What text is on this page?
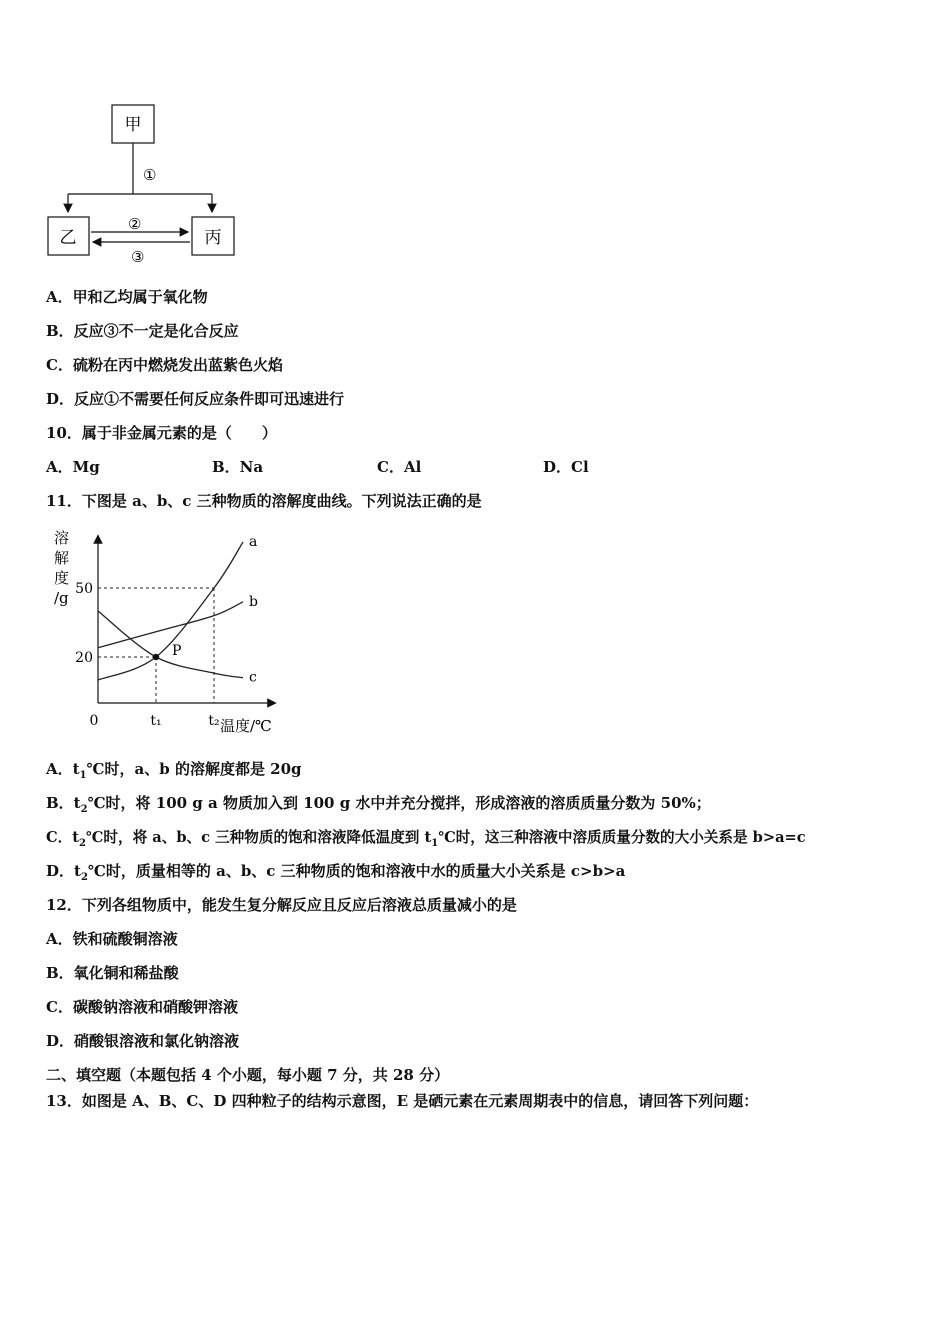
甲
①
乙	丙
②
③
A．甲和乙均属于氧化物
B．反应③不一定是化合反应
C．硫粉在丙中燃烧发出蓝紫色火焰
D．反应①不需要任何反应条件即可迅速进行
10．属于非金属元素的是（　　）
A．Mg	B．Na	C．Al	D．Cl
11．下图是 a、b、c 三种物质的溶解度曲线。下列说法正确的是
溶
解
度
/g
a
b
c
20
50
t₁	t₂
P
0	温度/℃
A．$t_1℃$时，a、b 的溶解度都是 20g
B．$t_2℃$时，将 100 g a 物质加入到 100 g 水中并充分搅拌，形成溶液的溶质质量分数为 50%；
C．$t_2℃$时，将 a、b、c 三种物质的饱和溶液降低温度到 $t_1℃$时，这三种溶液中溶质质量分数的大小关系是 b>a=c
D．$t_2℃$时，质量相等的 a、b、c 三种物质的饱和溶液中水的质量大小关系是 c>b>a
12．下列各组物质中，能发生复分解反应且反应后溶液总质量减小的是
A．铁和硫酸铜溶液
B．氧化铜和稀盐酸
C．碳酸钠溶液和硝酸钾溶液
D．硝酸银溶液和氯化钠溶液
二、填空题（本题包括 4 个小题，每小题 7 分，共 28 分）
13．如图是 A、B、C、D 四种粒子的结构示意图，E 是硒元素在元素周期表中的信息，请回答下列问题：
